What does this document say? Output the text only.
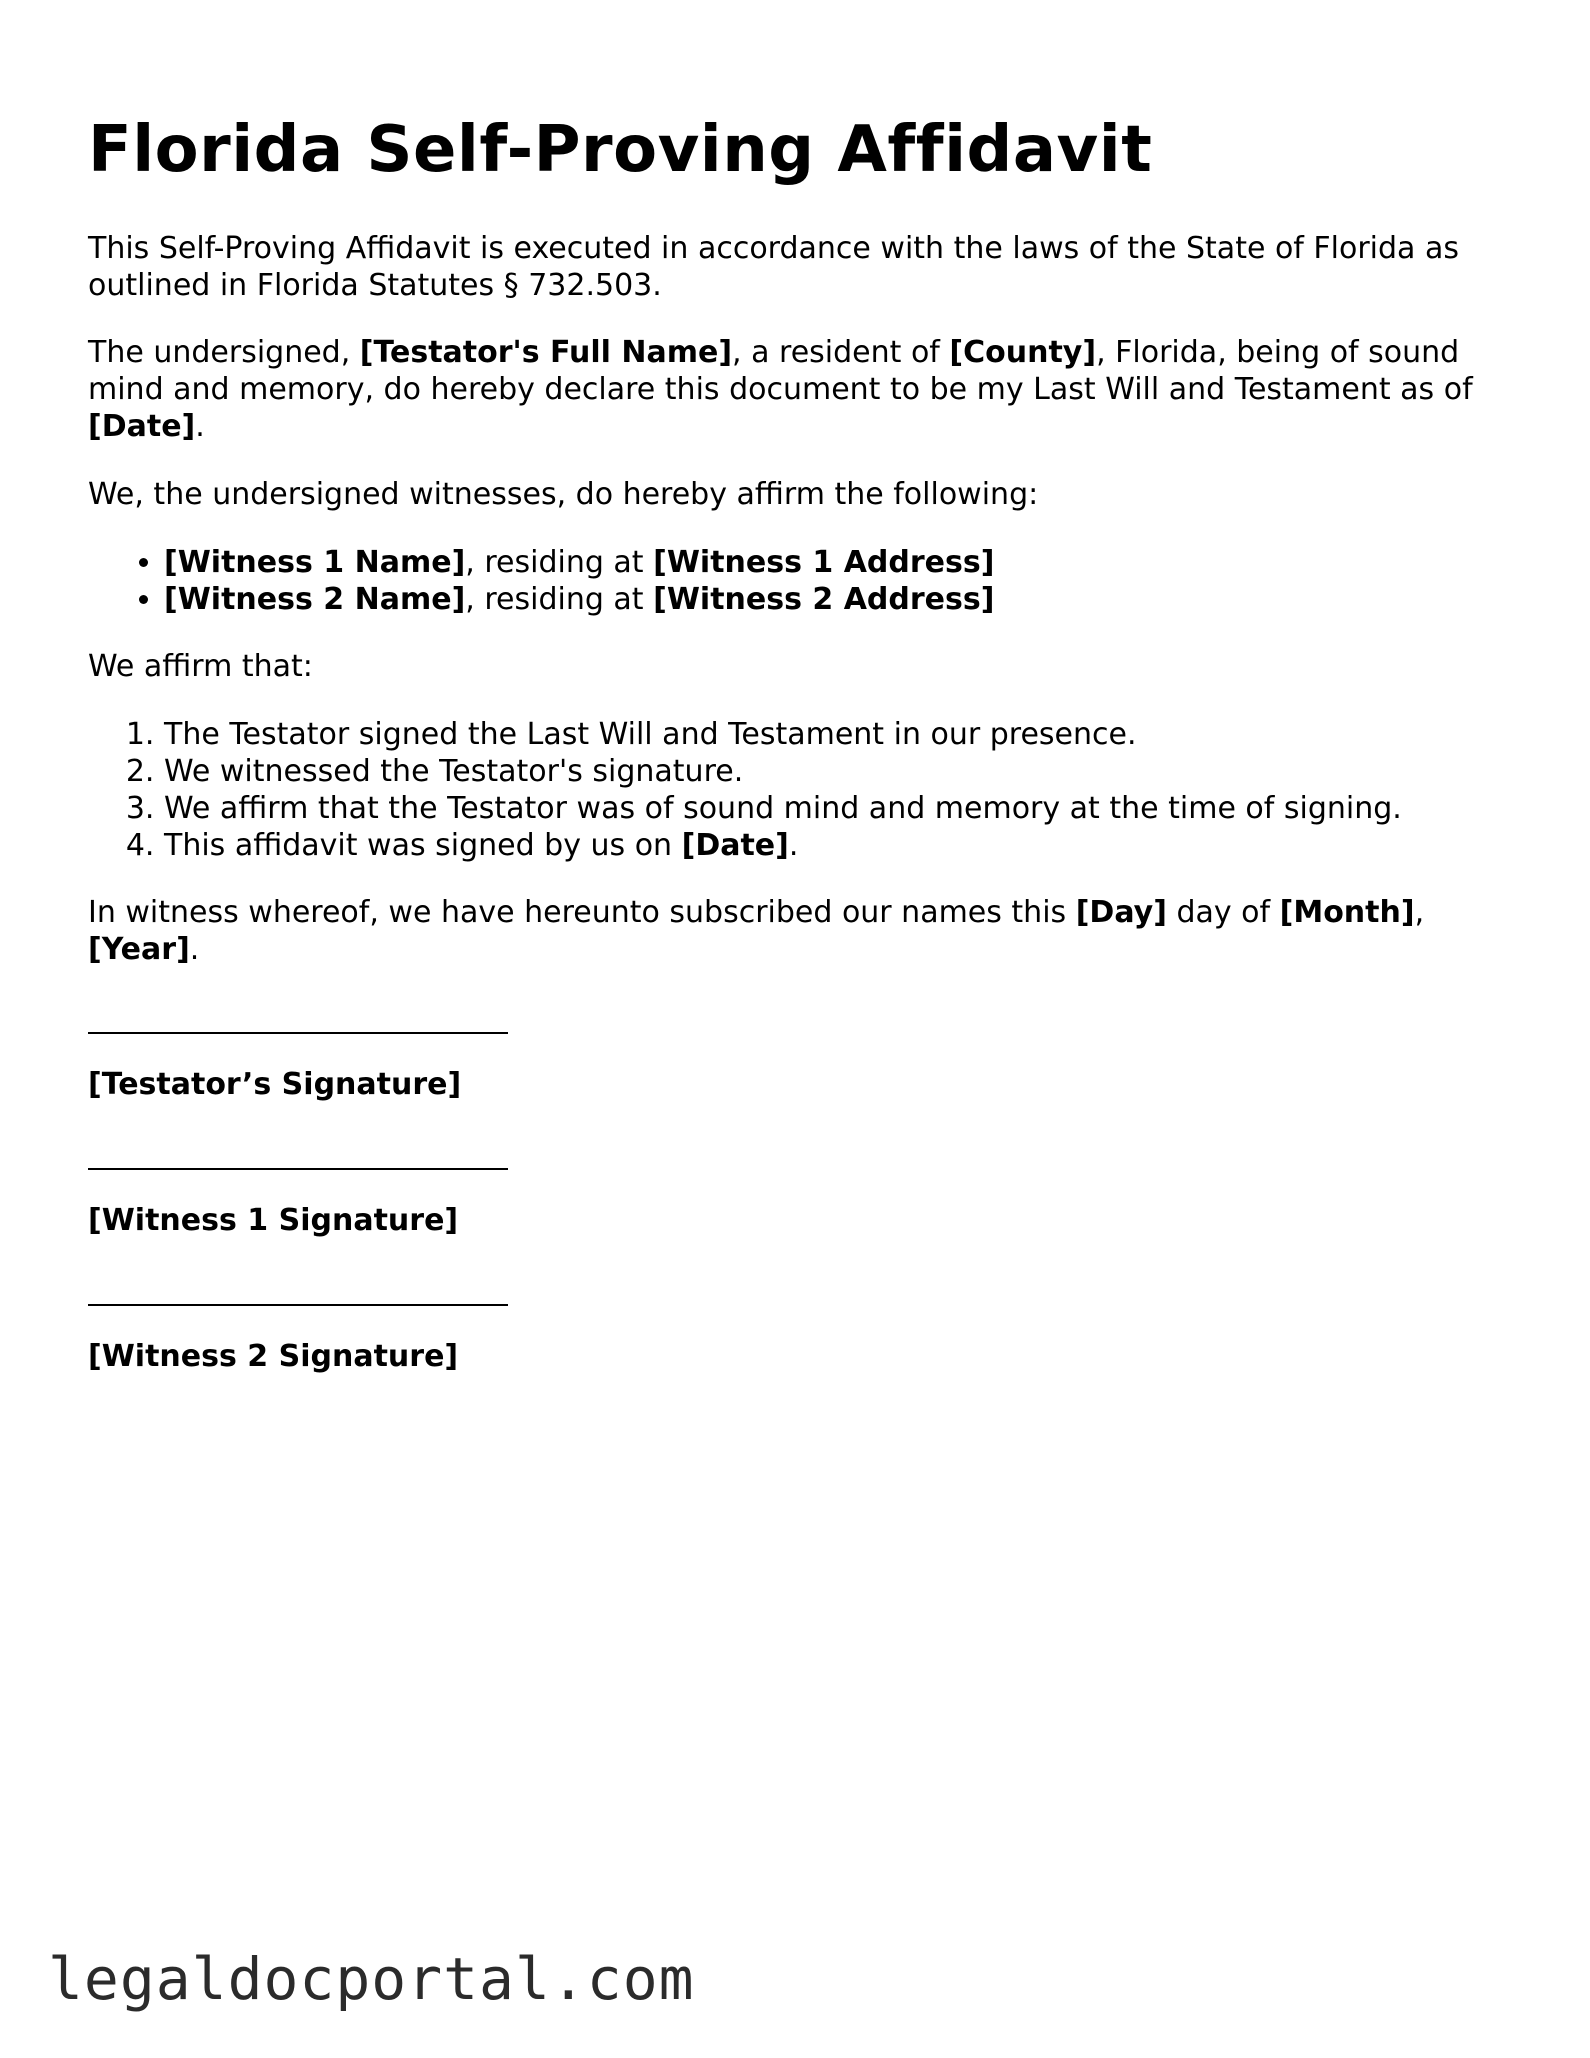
Florida Self-Proving Affidavit

This Self-Proving Affidavit is executed in accordance with the laws of the State of Florida as outlined in Florida Statutes § 732.503.

The undersigned, [Testator's Full Name], a resident of [County], Florida, being of sound mind and memory, do hereby declare this document to be my Last Will and Testament as of [Date].

We, the undersigned witnesses, do hereby affirm the following:

• [Witness 1 Name], residing at [Witness 1 Address]
• [Witness 2 Name], residing at [Witness 2 Address]

We affirm that:

1. The Testator signed the Last Will and Testament in our presence.
2. We witnessed the Testator's signature.
3. We affirm that the Testator was of sound mind and memory at the time of signing.
4. This affidavit was signed by us on [Date].

In witness whereof, we have hereunto subscribed our names this [Day] day of [Month], [Year].

[Testator’s Signature]

[Witness 1 Signature]

[Witness 2 Signature]

legaldocportal.com
